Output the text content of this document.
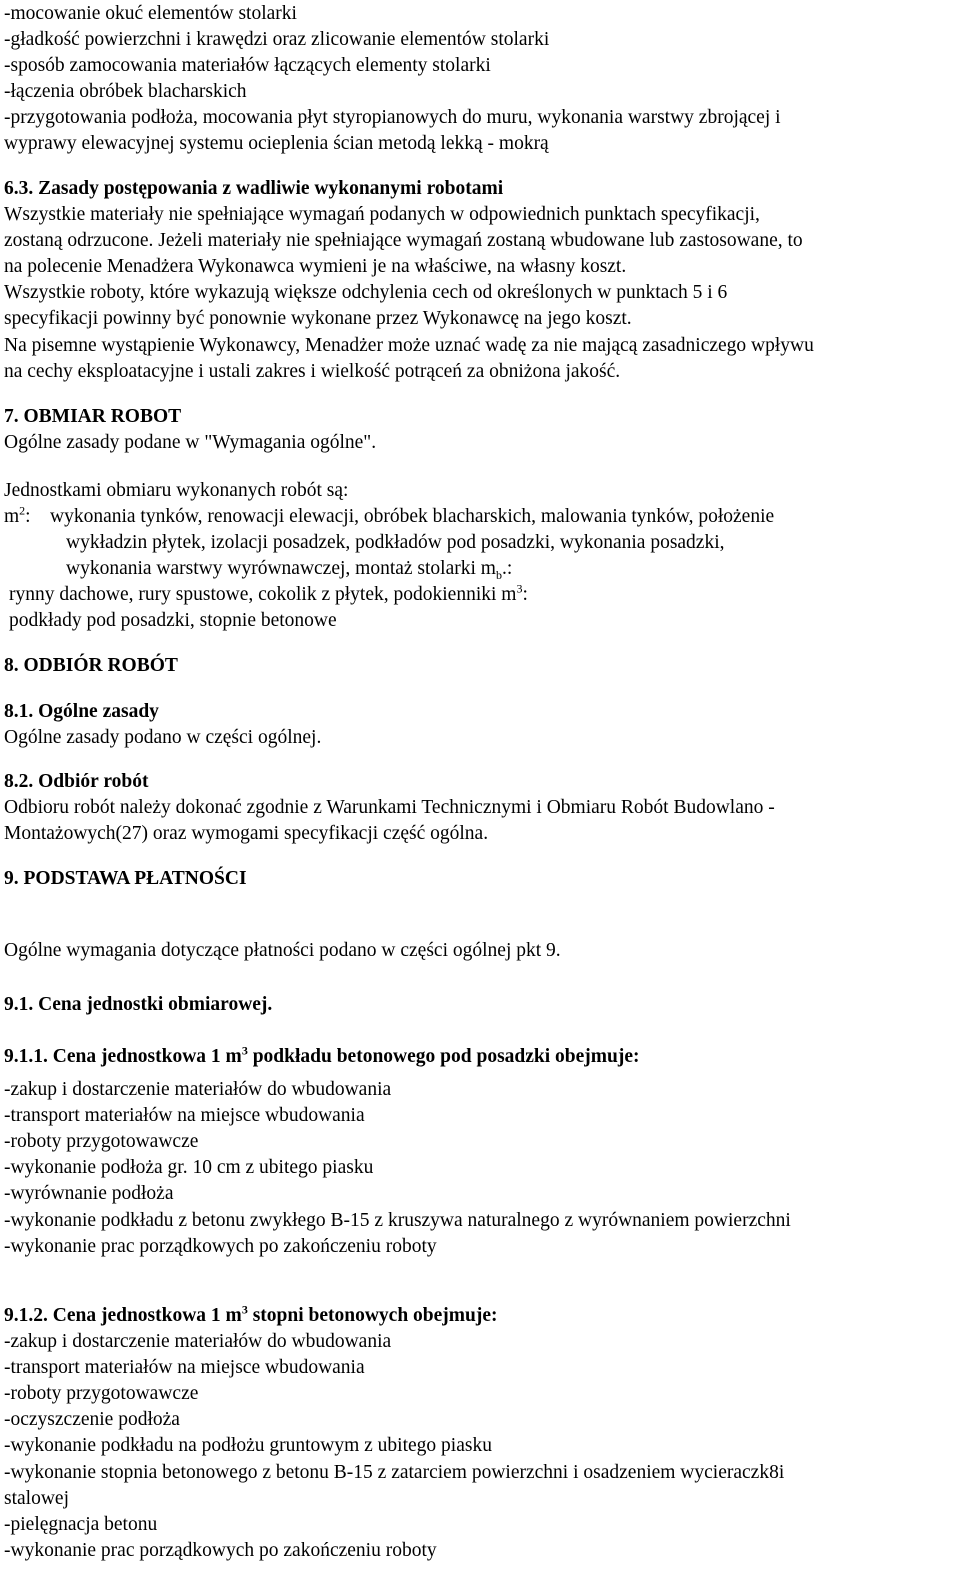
-mocowanie okuć elementów stolarki
-gładkość powierzchni i krawędzi oraz zlicowanie elementów stolarki
-sposób zamocowania materiałów łączących elementy stolarki
-łączenia obróbek blacharskich
-przygotowania podłoża, mocowania płyt styropianowych do muru, wykonania warstwy zbrojącej i
wyprawy elewacyjnej systemu ocieplenia ścian metodą lekką - mokrą
6.3. Zasady postępowania z wadliwie wykonanymi robotami
Wszystkie materiały nie spełniające wymagań podanych w odpowiednich punktach specyfikacji,
zostaną odrzucone. Jeżeli materiały nie spełniające wymagań zostaną wbudowane lub zastosowane, to
na polecenie Menadżera Wykonawca wymieni je na właściwe, na własny koszt.
Wszystkie roboty, które wykazują większe odchylenia cech od określonych w punktach 5 i 6
specyfikacji powinny być ponownie wykonane przez Wykonawcę na jego koszt.
Na pisemne wystąpienie Wykonawcy, Menadżer może uznać wadę za nie mającą zasadniczego wpływu
na cechy eksploatacyjne i ustali zakres i wielkość potrąceń za obniżona jakość.
7. OBMIAR ROBOT
Ogólne zasady podane w "Wymagania ogólne".
Jednostkami obmiaru wykonanych robót są:
$m^2$: wykonania tynków, renowacji elewacji, obróbek blacharskich, malowania tynków, położenie
wykładzin płytek, izolacji posadzek, podkładów pod posadzki, wykonania posadzki,
wykonania warstwy wyrównawczej, montaż stolarki $m_b$.:
rynny dachowe, rury spustowe, cokolik z płytek, podokienniki $m^3$:
podkłady pod posadzki, stopnie betonowe
8. ODBIÓR ROBÓT
8.1. Ogólne zasady
Ogólne zasady podano w części ogólnej.
8.2. Odbiór robót
Odbioru robót należy dokonać zgodnie z Warunkami Technicznymi i Obmiaru Robót Budowlano -
Montażowych(27) oraz wymogami specyfikacji część ogólna.
9. PODSTAWA PŁATNOŚCI
Ogólne wymagania dotyczące płatności podano w części ogólnej pkt 9.
9.1. Cena jednostki obmiarowej.
9.1.1. Cena jednostkowa 1 $m^3$ podkładu betonowego pod posadzki obejmuje:
-zakup i dostarczenie materiałów do wbudowania
-transport materiałów na miejsce wbudowania
-roboty przygotowawcze
-wykonanie podłoża gr. 10 cm z ubitego piasku
-wyrównanie podłoża
-wykonanie podkładu z betonu zwykłego B-15 z kruszywa naturalnego z wyrównaniem powierzchni
-wykonanie prac porządkowych po zakończeniu roboty
9.1.2. Cena jednostkowa 1 $m^3$ stopni betonowych obejmuje:
-zakup i dostarczenie materiałów do wbudowania
-transport materiałów na miejsce wbudowania
-roboty przygotowawcze
-oczyszczenie podłoża
-wykonanie podkładu na podłożu gruntowym z ubitego piasku
-wykonanie stopnia betonowego z betonu B-15 z zatarciem powierzchni i osadzeniem wycieraczk8i
stalowej
-pielęgnacja betonu
-wykonanie prac porządkowych po zakończeniu roboty
